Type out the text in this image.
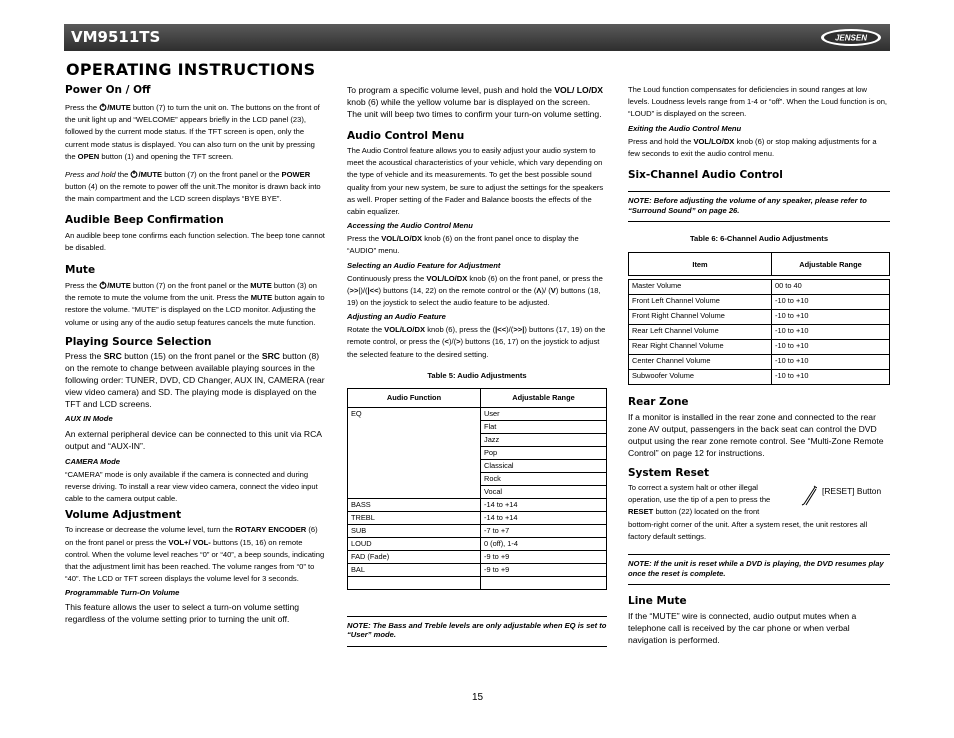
VM9511TS	JENSEN
OPERATING INSTRUCTIONS
Power On / Off

Press the /MUTE button (7) to turn the unit on. The buttons on the front of the unit light up and “WELCOME” appears briefly in the LCD panel (23), followed by the current mode status. If the TFT screen is open, only the current mode status is displayed. You can also turn on the unit by pressing the OPEN button (1) and opening the TFT screen.

Press and hold the /MUTE button (7) on the front panel or the POWER button (4) on the remote to power off the unit.The monitor is drawn back into the main compartment and the LCD screen displays “BYE BYE”.

Audible Beep Confirmation

An audible beep tone confirms each function selection. The beep tone cannot be disabled.

Mute

Press the /MUTE button (7) on the front panel or the MUTE button (3) on the remote to mute the volume from the unit. Press the MUTE button again to restore the volume. “MUTE” is displayed on the LCD monitor. Adjusting the volume or using any of the audio setup features cancels the mute function.

Playing Source Selection

Press the SRC button (15) on the front panel or the SRC button (8) on the remote to change between available playing sources in the following order: TUNER, DVD, CD Changer, AUX IN, CAMERA (rear view video camera) and SD. The playing mode is displayed on the TFT and LCD screens.

AUX IN Mode

An external peripheral device can be connected to this unit via RCA output and “AUX-IN”.

CAMERA Mode

“CAMERA” mode is only available if the camera is connected and during reverse driving. To install a rear view video camera, connect the video input cable to the camera output cable.

Volume Adjustment

To increase or decrease the volume level, turn the ROTARY ENCODER (6) on the front panel or press the VOL+/ VOL- buttons (15, 16) on remote control. When the volume level reaches “0” or “40”, a beep sounds, indicating that the adjustment limit has been reached. The volume ranges from “0” to “40”. The LCD or TFT screen displays the volume level for 3 seconds.

Programmable Turn-On Volume

This feature allows the user to select a turn-on volume setting regardless of the volume setting prior to turning the unit off.

To program a specific volume level, push and hold the VOL/ LO/DX knob (6) while the yellow volume bar is displayed on the screen. The unit will beep two times to confirm your turn-on volume setting.

Audio Control Menu

The Audio Control feature allows you to easily adjust your audio system to meet the acoustical characteristics of your vehicle, which vary depending on the type of vehicle and its measurements. To get the best possible sound quality from your new system, be sure to adjust the settings for the speakers as well. Proper setting of the Fader and Balance boosts the effects of the cabin equalizer.

Accessing the Audio Control Menu

Press the VOL/LO/DX knob (6) on the front panel once to display the “AUDIO” menu.

Selecting an Audio Feature for Adjustment

Continuously press the VOL/LO/DX knob (6) on the front panel, or press the (>>|)/(|<<) buttons (14, 22) on the remote control or the (Λ)/ (V) buttons (18, 19) on the joystick to select the audio feature to be adjusted.

Adjusting an Audio Feature

Rotate the VOL/LO/DX knob (6), press the (|<<)/(>>|) buttons (17, 19) on the remote control, or press the (<)/(>) buttons (16, 17) on the joystick to adjust the selected feature to the desired setting.

Table 5: Audio Adjustments
Audio Function	Adjustable Range
EQ	User
	Flat
	Jazz
	Pop
	Classical
	Rock
	Vocal
BASS	-14 to +14
TREBL	-14 to +14
SUB	-7 to +7
LOUD	0 (off), 1-4
FAD (Fade)	-9 to +9
BAL	-9 to +9

NOTE: The Bass and Treble levels are only adjustable when EQ is set to “User” mode.

The Loud function compensates for deficiencies in sound ranges at low levels. Loudness levels range from 1-4 or “off”. When the Loud function is on, “LOUD” is displayed on the screen.

Exiting the Audio Control Menu

Press and hold the VOL/LO/DX knob (6) or stop making adjustments for a few seconds to exit the audio control menu.

Six-Channel Audio Control
NOTE: Before adjusting the volume of any speaker, please refer to “Surround Sound” on page 26.
Table 6: 6-Channel Audio Adjustments
Item	Adjustable Range

Master Volume	00 to 40
Front Left Channel Volume	-10 to +10
Front Right Channel Volume	-10 to +10
Rear Left Channel Volume	-10 to +10
Rear Right Channel Volume	-10 to +10
Center Channel Volume	-10 to +10
Subwoofer Volume	-10 to +10
Rear Zone

If a monitor is installed in the rear zone and connected to the rear zone AV output, passengers in the back seat can control the DVD output using the rear zone remote control. See “Multi-Zone Remote Control” on page 12 for instructions.

System Reset

To correct a system halt or other illegal operation, use the tip of a pen to press the RESET button (22) located on the front

[RESET] Button

bottom-right corner of the unit. After a system reset, the unit restores all factory default settings.

NOTE: If the unit is reset while a DVD is playing, the DVD resumes play once the reset is complete.
Line Mute

If the “MUTE” wire is connected, audio output mutes when a telephone call is received by the car phone or when verbal navigation is performed.

15
